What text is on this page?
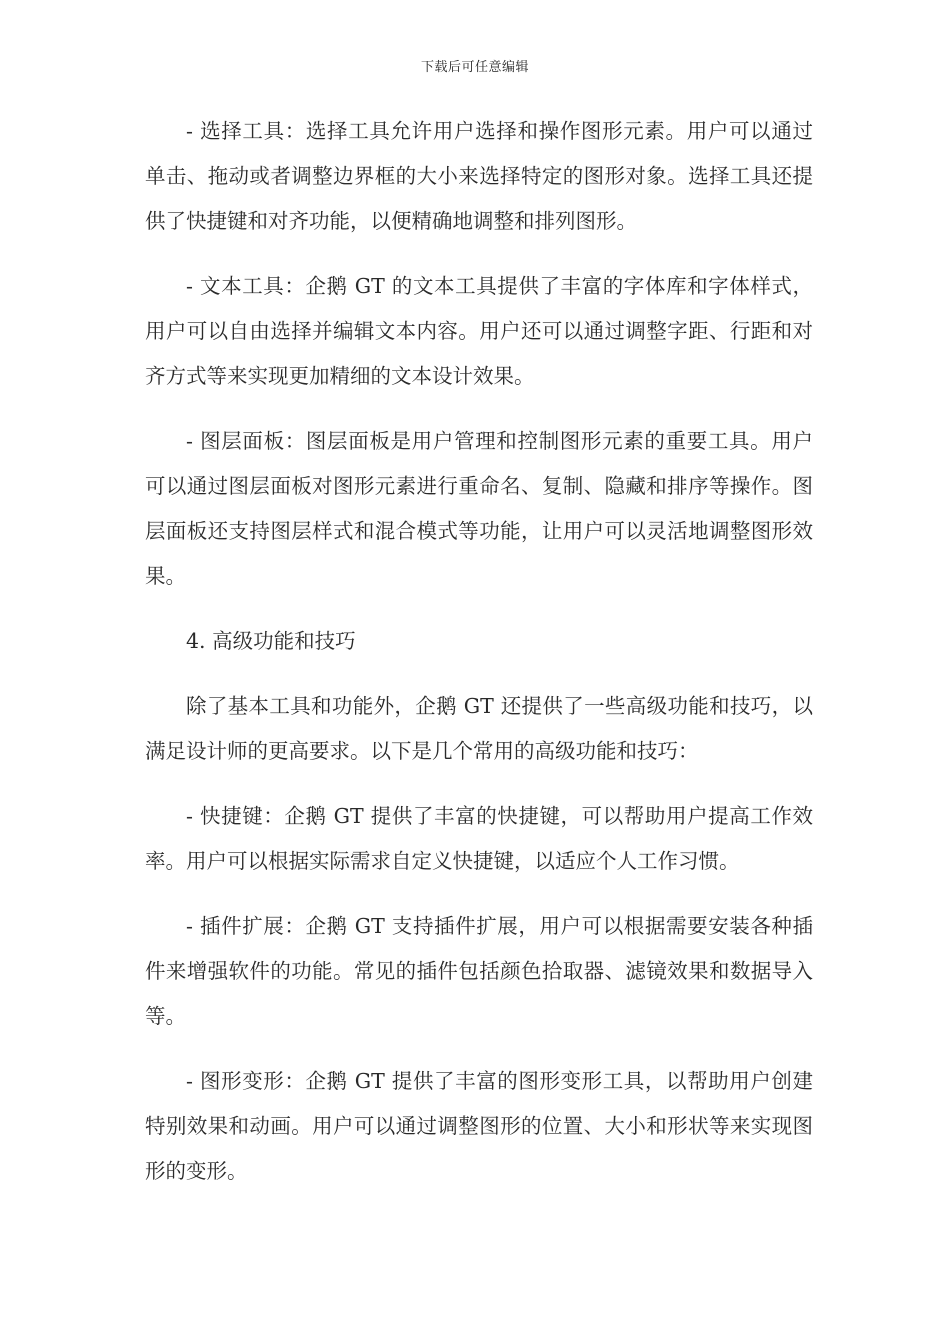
下载后可任意编辑

- 选择工具：选择工具允许用户选择和操作图形元素。用户可以通过单击、拖动或者调整边界框的大小来选择特定的图形对象。选择工具还提供了快捷键和对齐功能，以便精确地调整和排列图形。

- 文本工具：企鹅 GT 的文本工具提供了丰富的字体库和字体样式，用户可以自由选择并编辑文本内容。用户还可以通过调整字距、行距和对齐方式等来实现更加精细的文本设计效果。

- 图层面板：图层面板是用户管理和控制图形元素的重要工具。用户可以通过图层面板对图形元素进行重命名、复制、隐藏和排序等操作。图层面板还支持图层样式和混合模式等功能，让用户可以灵活地调整图形效果。

4. 高级功能和技巧

除了基本工具和功能外，企鹅 GT 还提供了一些高级功能和技巧，以满足设计师的更高要求。以下是几个常用的高级功能和技巧：

- 快捷键：企鹅 GT 提供了丰富的快捷键，可以帮助用户提高工作效率。用户可以根据实际需求自定义快捷键，以适应个人工作习惯。

- 插件扩展：企鹅 GT 支持插件扩展，用户可以根据需要安装各种插件来增强软件的功能。常见的插件包括颜色拾取器、滤镜效果和数据导入等。

- 图形变形：企鹅 GT 提供了丰富的图形变形工具，以帮助用户创建特别效果和动画。用户可以通过调整图形的位置、大小和形状等来实现图形的变形。
